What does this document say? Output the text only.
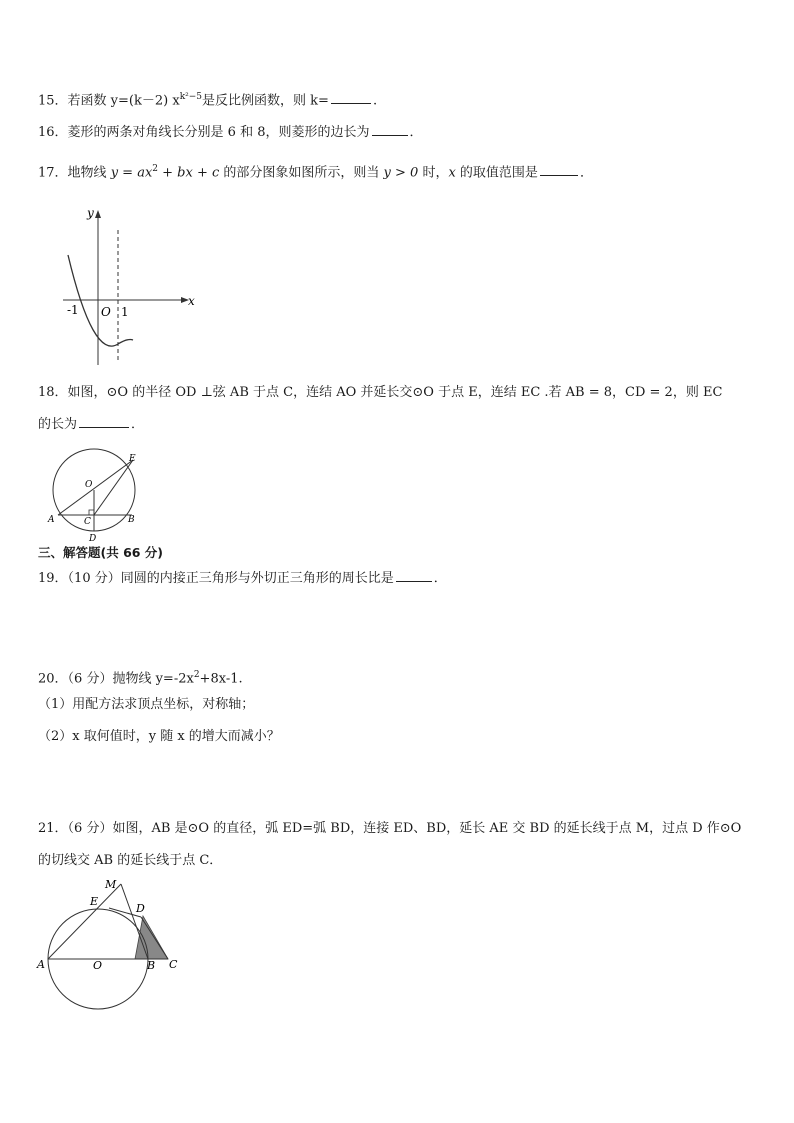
15．若函数 y=(k－2) $x^{k^2-5}$是反比例函数，则 k=	.
16．菱形的两条对角线长分别是 6 和 8，则菱形的边长为	．
17．地物线 $y = ax^2$ + bx + c 的部分图象如图所示，则当 y > 0 时，x 的取值范围是	．
y
x
O
-1	1
18．如图，⊙O 的半径 OD ⊥弦 AB 于点 C，连结 AO 并延长交⊙O 于点 E，连结 EC .若 AB = 8，CD = 2，则 EC
的长为	．
E
O
A	C	B
D
三、解答题(共 66 分)
19．（10 分）同圆的内接正三角形与外切正三角形的周长比是	．
20．（6 分）抛物线 $y=-2x^2+8x-1$.
（1）用配方法求顶点坐标，对称轴；
（2）x 取何值时，y 随 x 的增大而减小？
21．（6 分）如图，AB 是⊙O 的直径，弧 ED=弧 BD，连接 ED、BD，延长 AE 交 BD 的延长线于点 M，过点 D 作⊙O
的切线交 AB 的延长线于点 C．
M
E
D
A	O	B C
